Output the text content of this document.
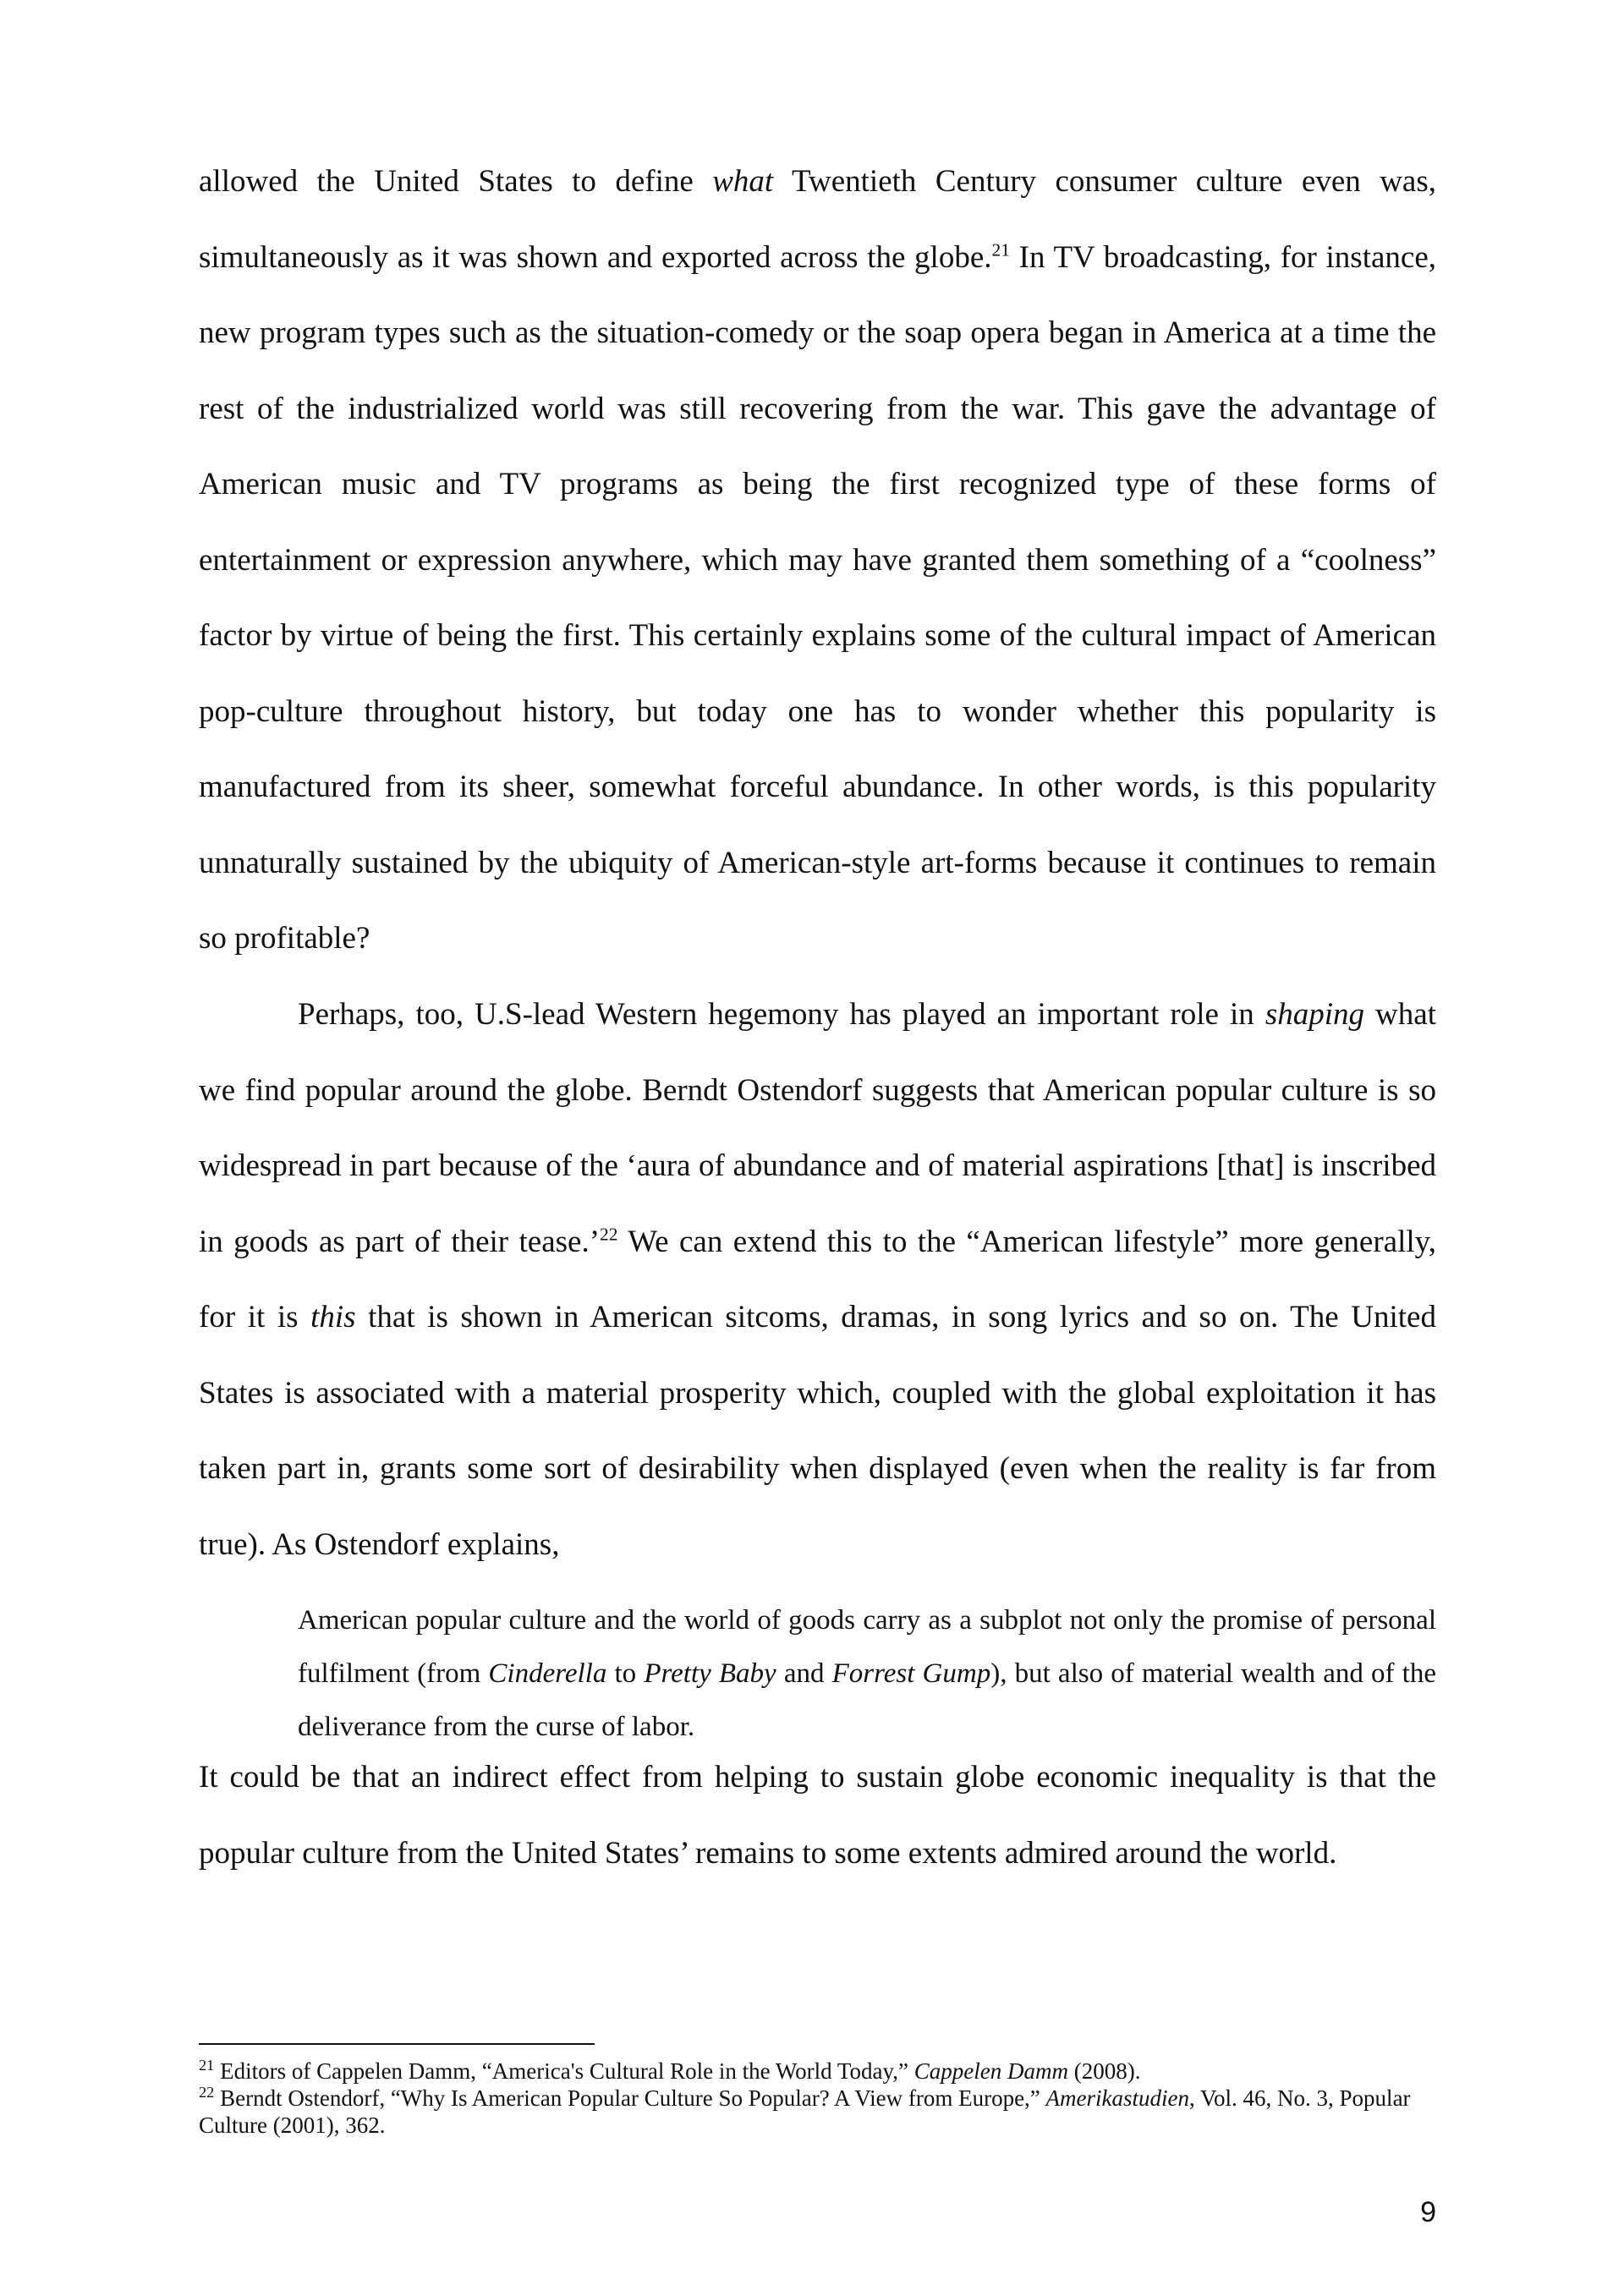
allowed the United States to define what Twentieth Century consumer culture even was, simultaneously as it was shown and exported across the globe.$^{21}$ In TV broadcasting, for instance, new program types such as the situation-comedy or the soap opera began in America at a time the rest of the industrialized world was still recovering from the war. This gave the advantage of American music and TV programs as being the first recognized type of these forms of entertainment or expression anywhere, which may have granted them something of a “coolness” factor by virtue of being the first. This certainly explains some of the cultural impact of American pop-culture throughout history, but today one has to wonder whether this popularity is manufactured from its sheer, somewhat forceful abundance. In other words, is this popularity unnaturally sustained by the ubiquity of American-style art-forms because it continues to remain so profitable?

Perhaps, too, U.S-lead Western hegemony has played an important role in shaping what we find popular around the globe. Berndt Ostendorf suggests that American popular culture is so widespread in part because of the ‘aura of abundance and of material aspirations [that] is inscribed in goods as part of their tease.’$^{22}$ We can extend this to the “American lifestyle” more generally, for it is this that is shown in American sitcoms, dramas, in song lyrics and so on. The United States is associated with a material prosperity which, coupled with the global exploitation it has taken part in, grants some sort of desirability when displayed (even when the reality is far from true). As Ostendorf explains,

American popular culture and the world of goods carry as a subplot not only the promise of personal fulfilment (from Cinderella to Pretty Baby and Forrest Gump), but also of material wealth and of the deliverance from the curse of labor.

It could be that an indirect effect from helping to sustain globe economic inequality is that the popular culture from the United States’ remains to some extents admired around the world.

$^{21}$ Editors of Cappelen Damm, “America's Cultural Role in the World Today,” Cappelen Damm (2008).

$^{22}$ Berndt Ostendorf, “Why Is American Popular Culture So Popular? A View from Europe,” Amerikastudien, Vol. 46, No. 3, Popular Culture (2001), 362.

9
